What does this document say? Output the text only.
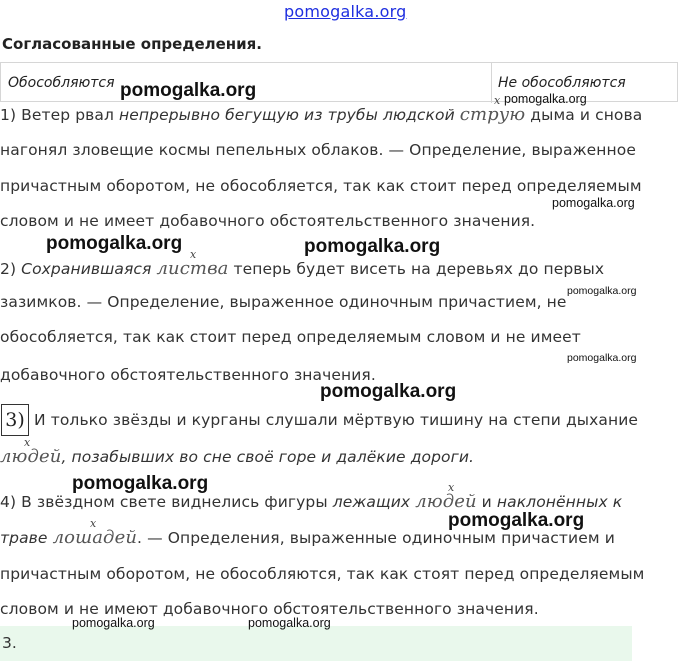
pomogalka.org
Согласованные определения.
Обособляются	Не обособляются
1) Ветер рвал непрерывно бегущую из трубы людской струю дыма и снова
x
нагонял зловещие космы пепельных облаков. — Определение, выраженное
причастным оборотом, не обособляется, так как стоит перед определяемым
словом и не имеет добавочного обстоятельственного значения.
2) Сохранившаяся листва теперь будет висеть на деревьях до первых
x
зазимков. — Определение, выраженное одиночным причастием, не
обособляется, так как стоит перед определяемым словом и не имеет
добавочного обстоятельственного значения.
3) И только звёзды и курганы слушали мёртвую тишину на степи дыхание
x
людей, позабывших во сне своё горе и далёкие дороги.
4) В звёздном свете виднелись фигуры лежащих людей и наклонённых к
x
траве лошадей. — Определения, выраженные одиночным причастием и
x
причастным оборотом, не обособляются, так как стоят перед определяемым
словом и не имеют добавочного обстоятельственного значения.
3.
pomogalka.org	pomogalka.org
pomogalka.org
pomogalka.org	pomogalka.org
pomogalka.org
pomogalka.org
pomogalka.org
pomogalka.org
pomogalka.org
pomogalka.org	pomogalka.org
